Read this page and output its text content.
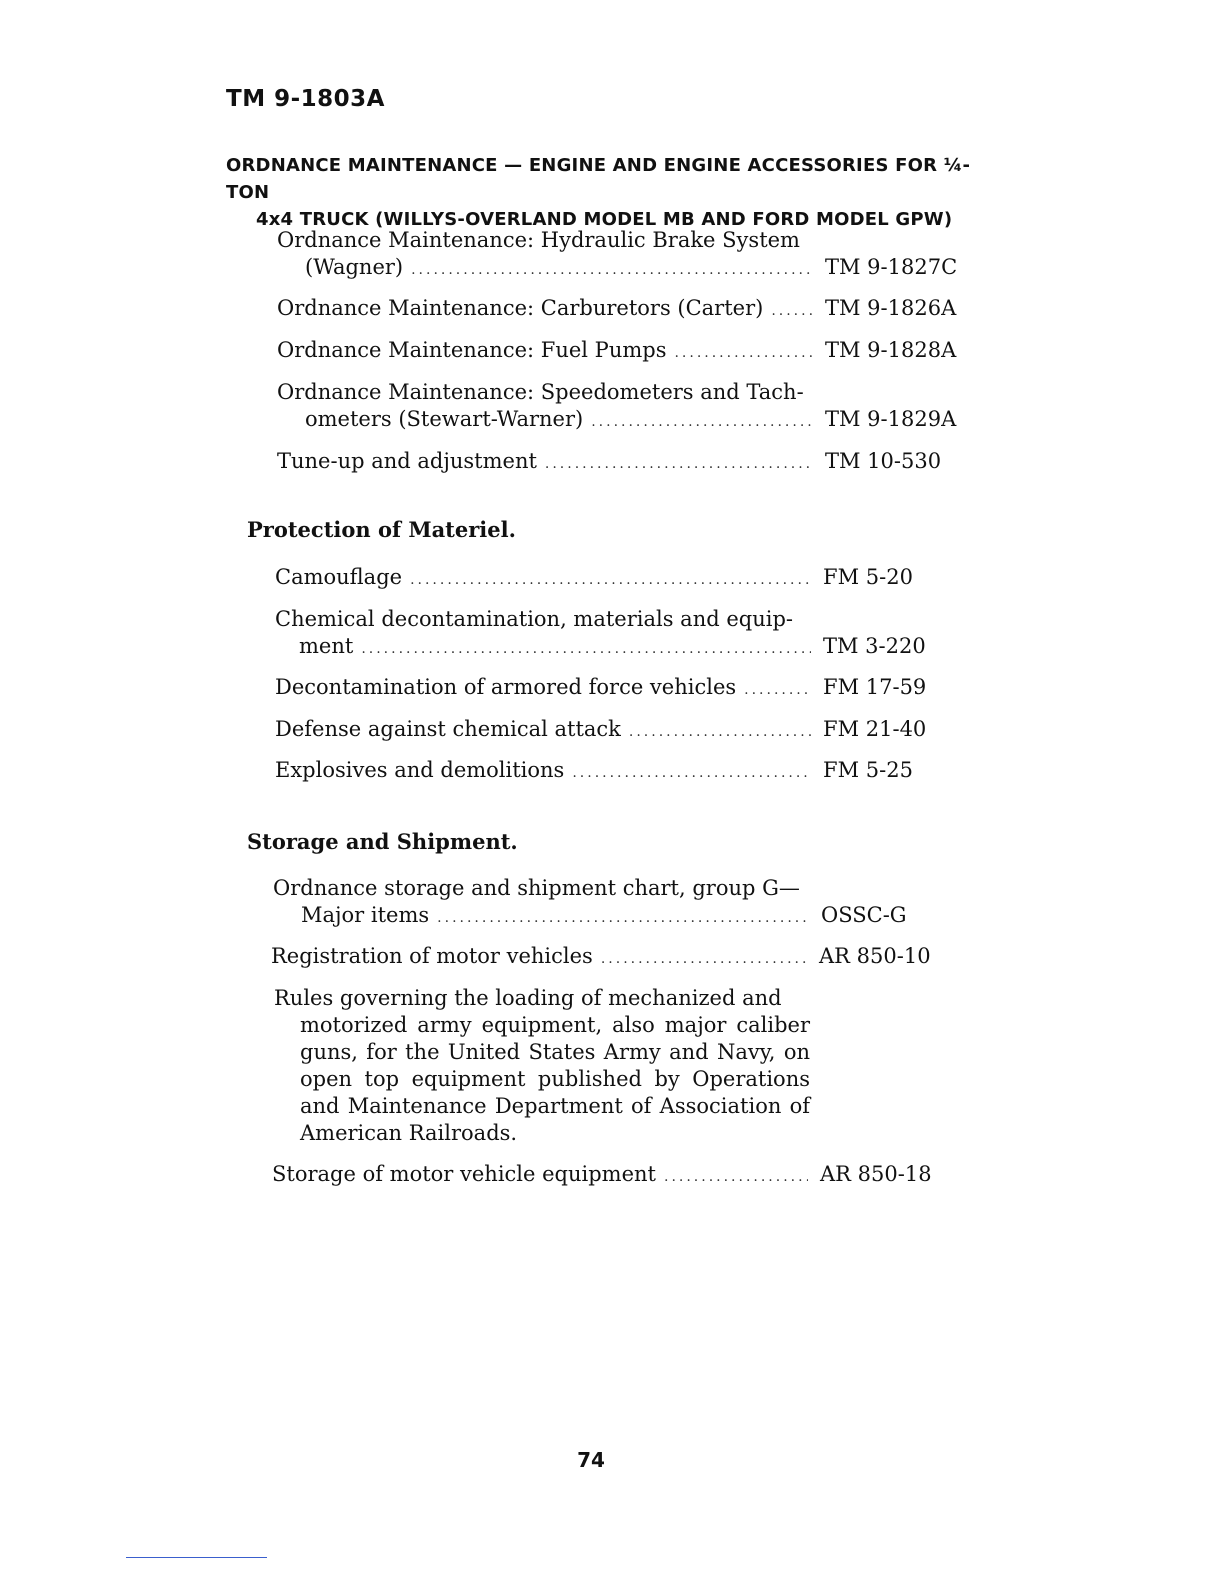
TM 9-1803A
ORDNANCE MAINTENANCE — ENGINE AND ENGINE ACCESSORIES FOR ¼-TON
4x4 TRUCK (WILLYS-OVERLAND MODEL MB AND FORD MODEL GPW)
Ordnance Maintenance: Hydraulic Brake System
(Wagner) .....	TM 9-1827C
Ordnance Maintenance: Carburetors (Carter) .....	TM 9-1826A
Ordnance Maintenance: Fuel Pumps .....	TM 9-1828A
Ordnance Maintenance: Speedometers and Tach-
ometers (Stewart-Warner) .....	TM 9-1829A
Tune-up and adjustment .....	TM 10-530
Protection of Materiel.
Camouflage .....	FM 5-20
Chemical decontamination, materials and equip-
ment .....	TM 3-220
Decontamination of armored force vehicles .....	FM 17-59
Defense against chemical attack .....	FM 21-40
Explosives and demolitions .....	FM 5-25
Storage and Shipment.
Ordnance storage and shipment chart, group G—
Major items .....	OSSC-G
Registration of motor vehicles .....	AR 850-10
Rules governing the loading of mechanized and
motorized army equipment, also major caliber guns, for the United States Army and Navy, on open top equipment published by Operations and Maintenance Department of Association of American Railroads.
Storage of motor vehicle equipment .....	AR 850-18
74
